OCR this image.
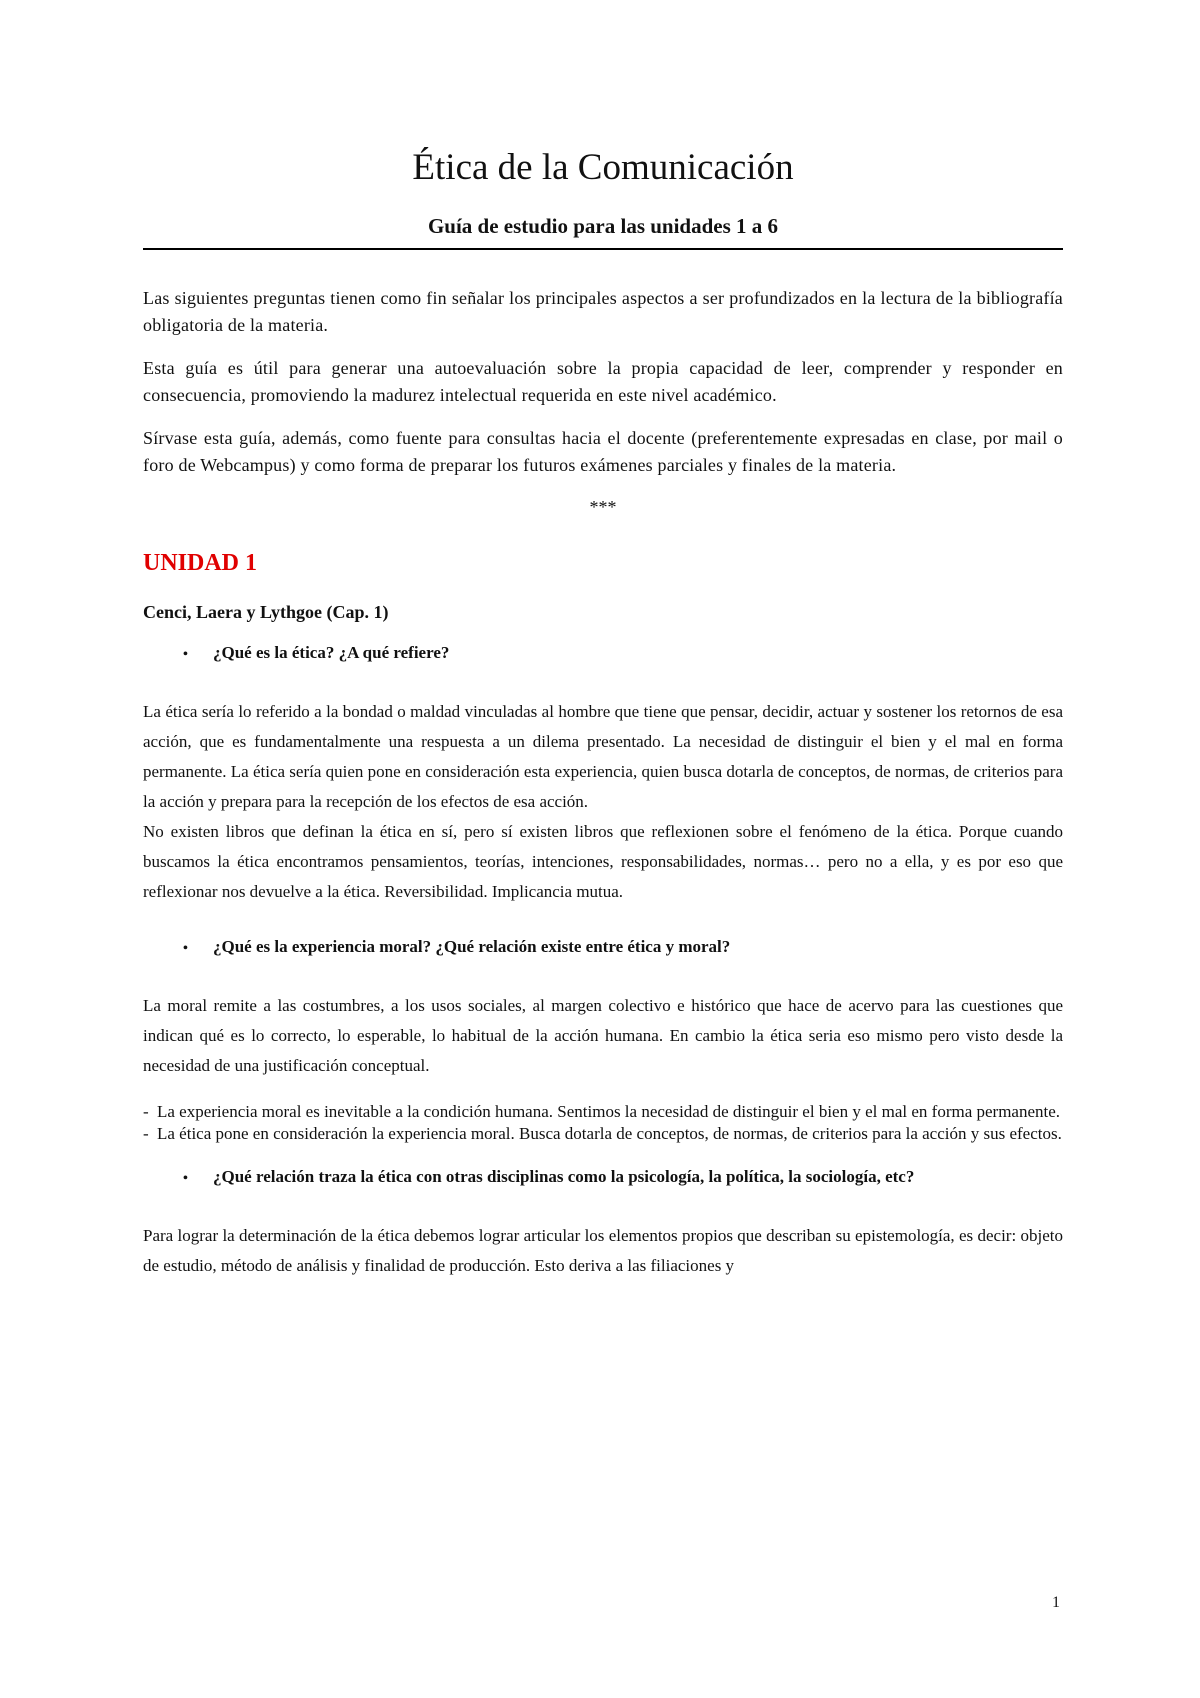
Ética de la Comunicación
Guía de estudio para las unidades 1 a 6

Las siguientes preguntas tienen como fin señalar los principales aspectos a ser profundizados en la lectura de la bibliografía obligatoria de la materia.

Esta guía es útil para generar una autoevaluación sobre la propia capacidad de leer, comprender y responder en consecuencia, promoviendo la madurez intelectual requerida en este nivel académico.

Sírvase esta guía, además, como fuente para consultas hacia el docente (preferentemente expresadas en clase, por mail o foro de Webcampus) y como forma de preparar los futuros exámenes parciales y finales de la materia.

***
UNIDAD 1
Cenci, Laera y Lythgoe (Cap. 1)
•	¿Qué es la ética? ¿A qué refiere?

La ética sería lo referido a la bondad o maldad vinculadas al hombre que tiene que pensar, decidir, actuar y sostener los retornos de esa acción, que es fundamentalmente una respuesta a un dilema presentado. La necesidad de distinguir el bien y el mal en forma permanente. La ética sería quien pone en consideración esta experiencia, quien busca dotarla de conceptos, de normas, de criterios para la acción y prepara para la recepción de los efectos de esa acción.

No existen libros que definan la ética en sí, pero sí existen libros que reflexionen sobre el fenómeno de la ética. Porque cuando buscamos la ética encontramos pensamientos, teorías, intenciones, responsabilidades, normas… pero no a ella, y es por eso que reflexionar nos devuelve a la ética. Reversibilidad. Implicancia mutua.

•	¿Qué es la experiencia moral? ¿Qué relación existe entre ética y moral?

La moral remite a las costumbres, a los usos sociales, al margen colectivo e histórico que hace de acervo para las cuestiones que indican qué es lo correcto, lo esperable, lo habitual de la acción humana. En cambio la ética seria eso mismo pero visto desde la necesidad de una justificación conceptual.

- La experiencia moral es inevitable a la condición humana. Sentimos la necesidad de distinguir el bien y el mal en forma permanente.
- La ética pone en consideración la experiencia moral. Busca dotarla de conceptos, de normas, de criterios para la acción y sus efectos.
•	¿Qué relación traza la ética con otras disciplinas como la psicología, la política, la sociología, etc?

Para lograr la determinación de la ética debemos lograr articular los elementos propios que describan su epistemología, es decir: objeto de estudio, método de análisis y finalidad de producción. Esto deriva a las filiaciones y

1
